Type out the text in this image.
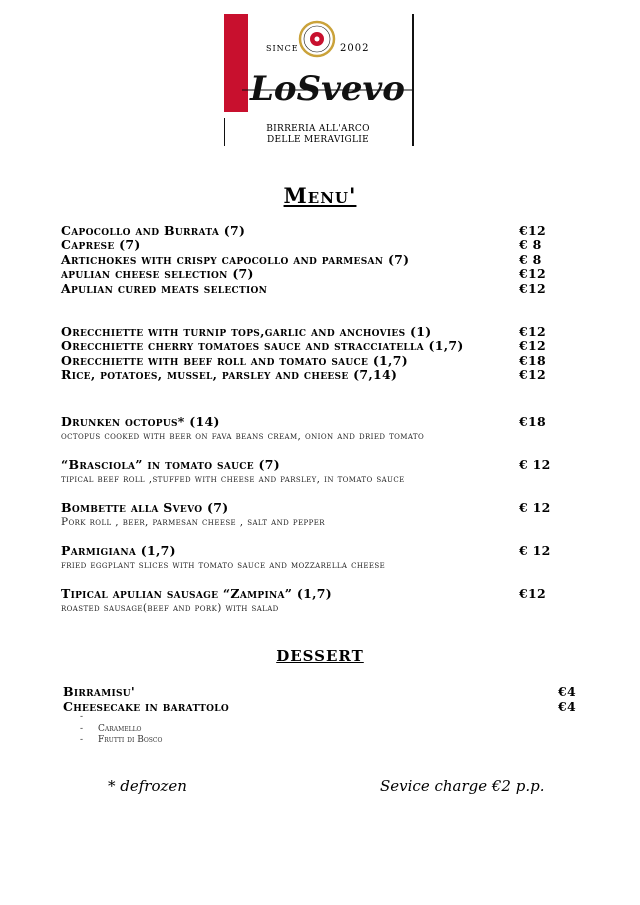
SINCE	2002
LoSvevo
BIRRERIA ALL'ARCO
DELLE MERAVIGLIE
Menu'
Capocollo and Burrata (7)	€12
Caprese (7)	€ 8
Artichokes with crispy capocollo and parmesan (7)	€ 8
apulian cheese selection (7)	€12
Apulian cured meats selection	€12
Orecchiette with turnip tops,garlic and anchovies (1)	€12
Orecchiette cherry tomatoes sauce and stracciatella (1,7)	€12
Orecchiette with beef roll and tomato sauce (1,7)	€18
Rice, potatoes, mussel, parsley and cheese (7,14)	€12
Drunken octopus* (14)	€18
octopus cooked with beer on fava beans cream, onion and dried tomato
“Brasciola” in tomato sauce (7)	€ 12
tipical beef roll ,stuffed with cheese and parsley, in tomato sauce
Bombette alla Svevo (7)	€ 12
Pork roll , beer, parmesan cheese , salt and pepper
Parmigiana (1,7)	€ 12
fried eggplant slices with tomato sauce and mozzarella cheese
Tipical apulian sausage “Zampina” (1,7)	€12
roasted sausage(beef and pork) with salad
DESSERT
Birramisu'	€4
Cheesecake in barattolo	€4
-
- Caramello
- Frutti di Bosco
* defrozen	Sevice charge €2 p.p.
